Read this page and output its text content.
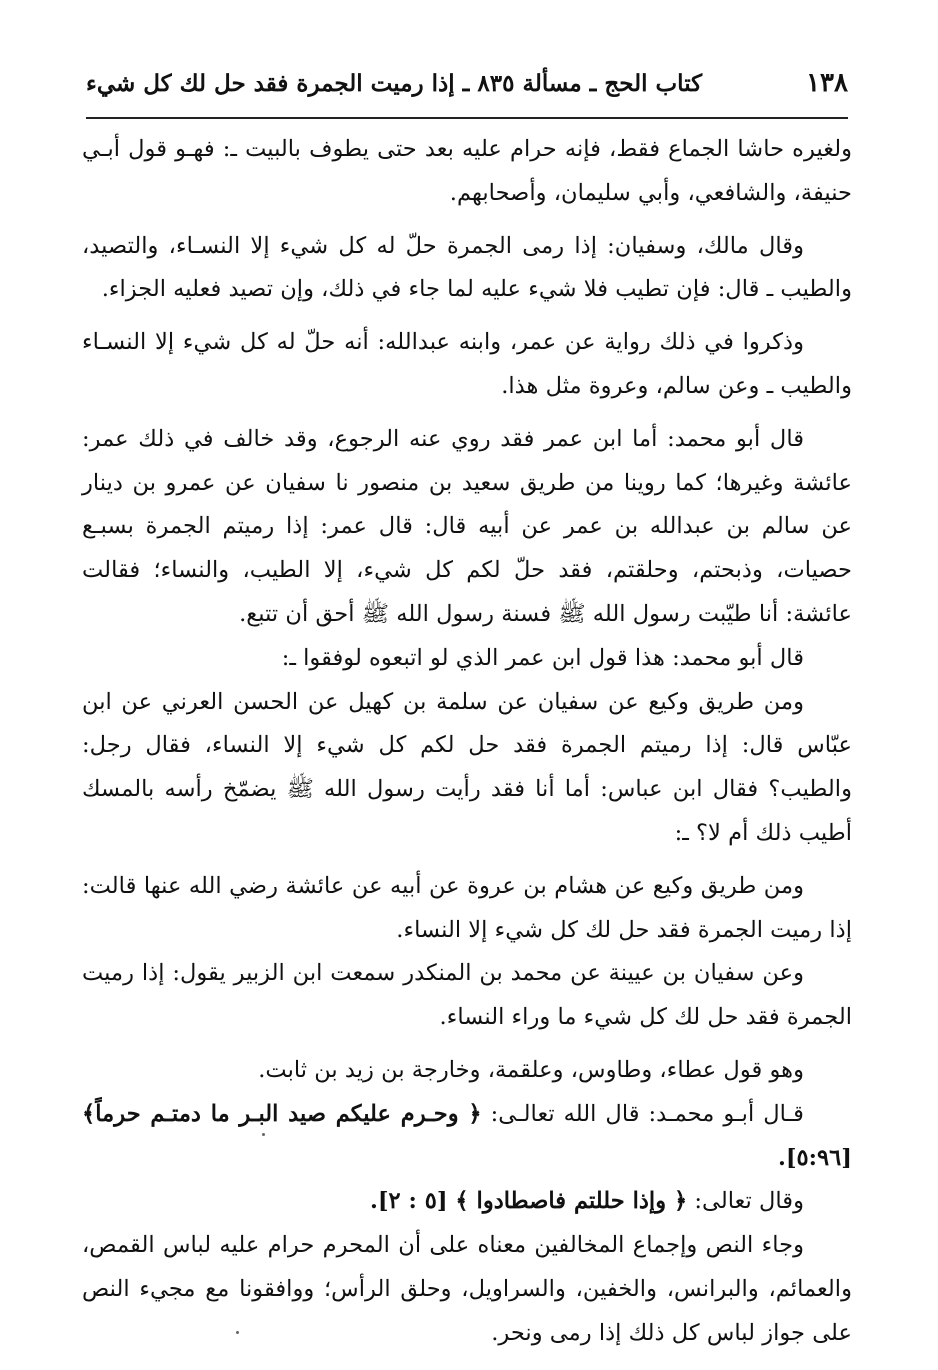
١٣٨
كتاب الحج ـ مسألة ٨٣٥ ـ إذا رميت الجمرة فقد حل لك كل شيء

ولغيره حاشا الجماع فقط، فإنه حرام عليه بعد حتى يطوف بالبيت ـ: فهـو قول أبـي حنيفة، والشافعي، وأبي سليمان، وأصحابهم.

وقال مالك، وسفيان: إذا رمى الجمرة حلّ له كل شيء إلا النسـاء، والتصيد، والطيب ـ قال: فإن تطيب فلا شيء عليه لما جاء في ذلك، وإن تصيد فعليه الجزاء.

وذكروا في ذلك رواية عن عمر، وابنه عبدالله: أنه حلّ له كل شيء إلا النسـاء والطيب ـ وعن سالم، وعروة مثل هذا.

قال أبو محمد: أما ابن عمر فقد روي عنه الرجوع، وقد خالف في ذلك عمر: عائشة وغيرها؛ كما روينا من طريق سعيد بن منصور نا سفيان عن عمرو بن دينار عن سالم بن عبدالله بن عمر عن أبيه قال: قال عمر: إذا رميتم الجمرة بسبـع حصيات، وذبحتم، وحلقتم، فقد حلّ لكم كل شيء، إلا الطيب، والنساء؛ فقالت عائشة: أنا طيّبت رسول الله ﷺ فسنة رسول الله ﷺ أحق أن تتبع.

قال أبو محمد: هذا قول ابن عمر الذي لو اتبعوه لوفقوا ـ:

ومن طريق وكيع عن سفيان عن سلمة بن كهيل عن الحسن العرني عن ابن عبّاس قال: إذا رميتم الجمرة فقد حل لكم كل شيء إلا النساء، فقال رجل: والطيب؟ فقال ابن عباس: أما أنا فقد رأيت رسول الله ﷺ يضمّخ رأسه بالمسك أطيب ذلك أم لا؟ ـ:

ومن طريق وكيع عن هشام بن عروة عن أبيه عن عائشة رضي الله عنها قالت: إذا رميت الجمرة فقد حل لك كل شيء إلا النساء.

وعن سفيان بن عيينة عن محمد بن المنكدر سمعت ابن الزبير يقول: إذا رميت الجمرة فقد حل لك كل شيء ما وراء النساء.

وهو قول عطاء، وطاوس، وعلقمة، وخارجة بن زيد بن ثابت.

قـال أبـو محمـد: قال الله تعالـى: ﴿ وحـرم عليكم صيد البـر ما دمتـم حرماً﴾ [٥:٩٦].

وقال تعالى: ﴿ وإذا حللتم فاصطادوا ﴾ [٥ : ٢].

وجاء النص وإجماع المخالفين معناه على أن المحرم حرام عليه لباس القمص، والعمائم، والبرانس، والخفين، والسراويل، وحلق الرأس؛ ووافقونا مع مجيء النص على جواز لباس كل ذلك إذا رمى ونحر.
